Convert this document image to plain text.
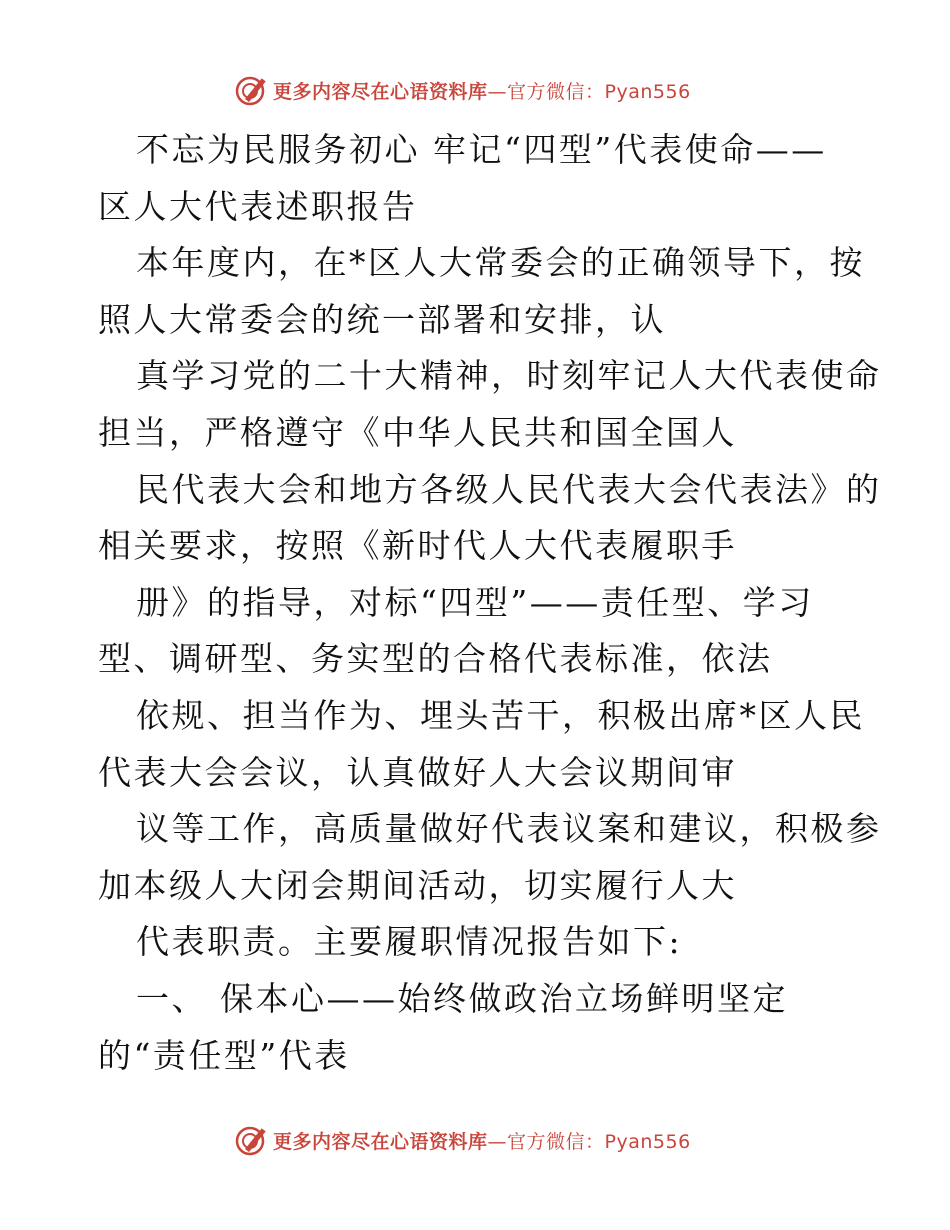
更多内容尽在心语资料库 —官方微信：Pyan556
不忘为民服务初心 牢记“四型”代表使命——
区人大代表述职报告
本年度内，在*区人大常委会的正确领导下，按
照人大常委会的统一部署和安排，认
真学习党的二十大精神，时刻牢记人大代表使命
担当，严格遵守《中华人民共和国全国人
民代表大会和地方各级人民代表大会代表法》的
相关要求，按照《新时代人大代表履职手
册》的指导，对标“四型”——责任型、学习
型、调研型、务实型的合格代表标准，依法
依规、担当作为、埋头苦干，积极出席*区人民
代表大会会议，认真做好人大会议期间审
议等工作，高质量做好代表议案和建议，积极参
加本级人大闭会期间活动，切实履行人大
代表职责。主要履职情况报告如下:
一、 保本心——始终做政治立场鲜明坚定
的“责任型”代表
更多内容尽在心语资料库 —官方微信：Pyan556
